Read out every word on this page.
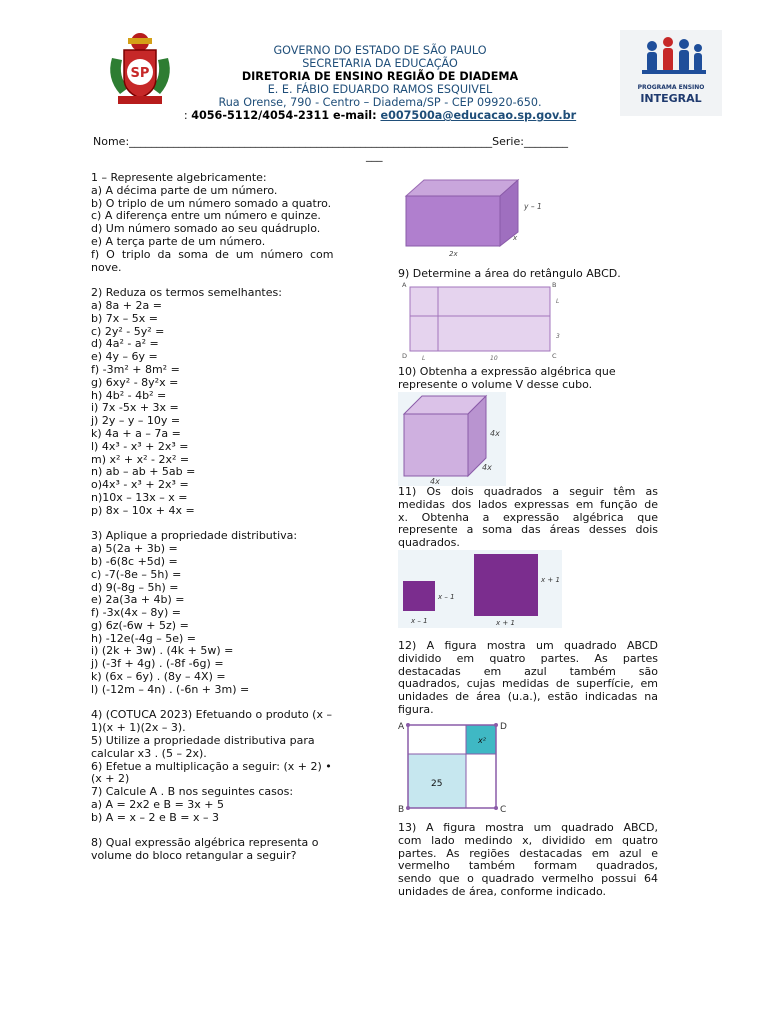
SP
PROGRAMA ENSINO
INTEGRAL
GOVERNO DO ESTADO DE SÃO PAULO
SECRETARIA DA EDUCAÇÃO
DIRETORIA DE ENSINO REGIÃO DE DIADEMA
E. E. FÁBIO EDUARDO RAMOS ESQUIVEL
Rua Orense, 790 - Centro – Diadema/SP - CEP 09920-650.
: 4056-5112/4054-2311 e-mail: e007500a@educacao.sp.gov.br
Nome:__________________________________________________________________Serie:________
___
1 – Represente algebricamente:
a) A décima parte de um número.
b) O triplo de um número somado a quatro.
c) A diferença entre um número e quinze.
d) Um número somado ao seu quádruplo.
e) A terça parte de um número.
f) O triplo da soma de um número com
nove.
2) Reduza os termos semelhantes:
a) 8a + 2a =
b) 7x – 5x =
c) 2y² - 5y² =
d) 4a² - a² =
e) 4y – 6y =
f) -3m² + 8m² =
g) 6xy² - 8y²x =
h) 4b² - 4b² =
i) 7x -5x + 3x =
j) 2y – y – 10y =
k) 4a + a – 7a =
l) 4x³ - x³ + 2x³ =
m) x² + x² - 2x² =
n) ab – ab + 5ab =
o)4x³ - x³ + 2x³ =
n)10x – 13x – x =
p) 8x – 10x + 4x =
3) Aplique a propriedade distributiva:
a) 5(2a + 3b) =
b) -6(8c +5d) =
c) -7(-8e – 5h) =
d) 9(-8g – 5h) =
e) 2a(3a + 4b) =
f) -3x(4x – 8y) =
g) 6z(-6w + 5z) =
h) -12e(-4g – 5e) =
i) (2k + 3w) . (4k + 5w) =
j) (-3f + 4g) . (-8f -6g) =
k) (6x – 6y) . (8y – 4X) =
l) (-12m – 4n) . (-6n + 3m) =
4) (COTUCA 2023) Efetuando o produto (x –
1)(x + 1)(2x – 3).
5) Utilize a propriedade distributiva para
calcular x3 . (5 – 2x).
6) Efetue a multiplicação a seguir: (x + 2) •
(x + 2)
7) Calcule A . B nos seguintes casos:
a) A = 2x2 e B = 3x + 5
b) A = x – 2 e B = x – 3
8) Qual expressão algébrica representa o
volume do bloco retangular a seguir?
y – 1
x
2x
9) Determine a área do retângulo ABCD.
A	B
C
D
L
3
L	10
10) Obtenha a expressão algébrica que
represente o volume V desse cubo.
4x
4x
4x
11) Os dois quadrados a seguir têm as
medidas dos lados expressas em função de
x. Obtenha a expressão algébrica que
represente a soma das áreas desses dois
quadrados.
x – 1
x – 1
x + 1
x + 1
12) A figura mostra um quadrado ABCD
dividido em quatro partes. As partes
destacadas em azul também são
quadrados, cujas medidas de superfície, em
unidades de área (u.a.), estão indicadas na
figura.
A	D
B	C
x²
25
13) A figura mostra um quadrado ABCD,
com lado medindo x, dividido em quatro
partes. As regiões destacadas em azul e
vermelho também formam quadrados,
sendo que o quadrado vermelho possui 64
unidades de área, conforme indicado.
